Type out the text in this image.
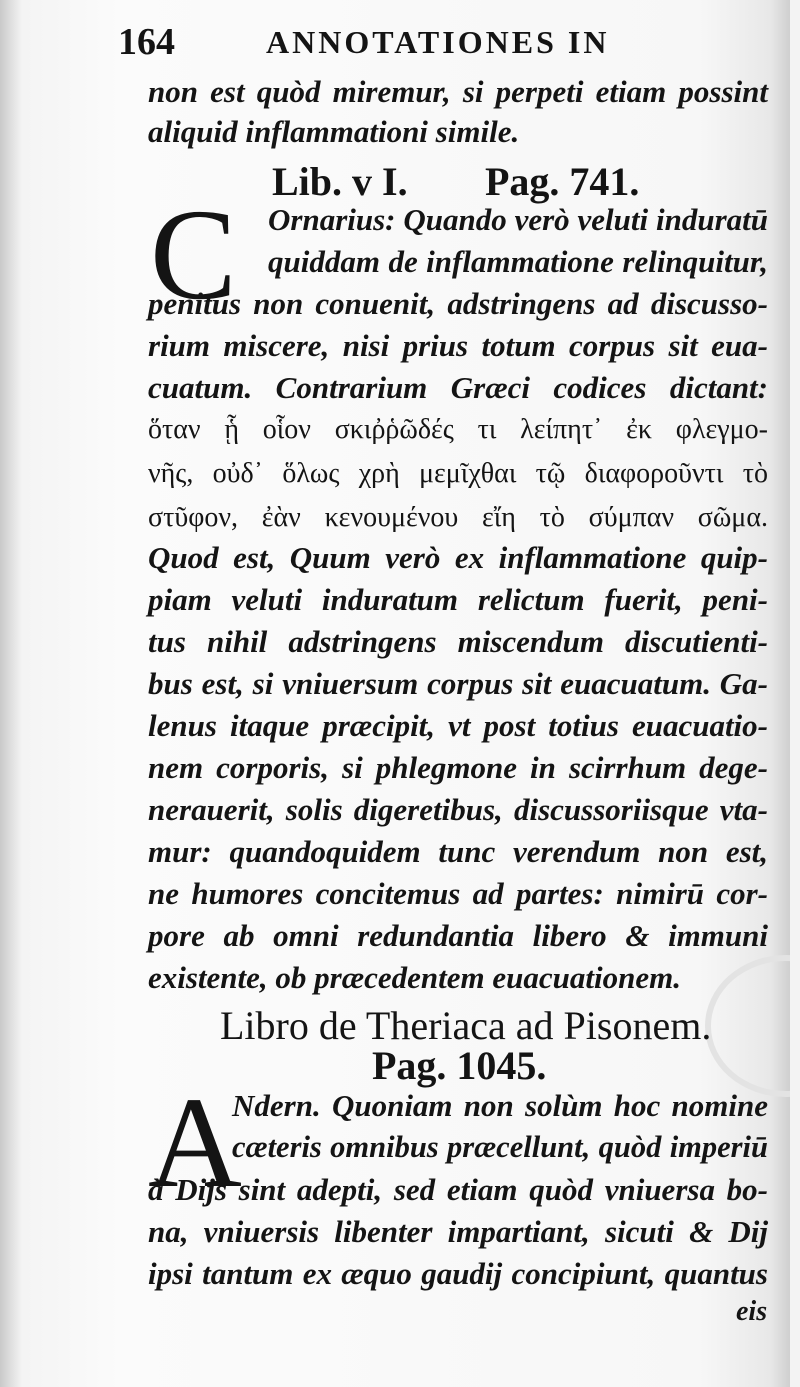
164	ANNOTATIONES IN
non est quòd miremur, si perpeti etiam possint
aliquid inflammationi simile.
Lib. v I. Pag. 741.
C Ornarius: Quando verò veluti induratū
quiddam de inflammatione relinquitur,
penitus non conuenit, adstringens ad discusso-
rium miscere, nisi prius totum corpus sit eua-
cuatum. Contrarium Græci codices dictant:
ὅταν ᾗ οἷον σκιῤῥῶδές τι λείπητ᾽ ἐκ φλεγμο-
νῆς, οὐδ᾽ ὅλως χρὴ μεμῖχθαι τῷ διαφοροῦντι τὸ
στῦφον, ἐὰν κενουμένου εἴη τὸ σύμπαν σῶμα.
Quod est, Quum verò ex inflammatione quip-
piam veluti induratum relictum fuerit, peni-
tus nihil adstringens miscendum discutienti-
bus est, si vniuersum corpus sit euacuatum. Ga-
lenus itaque præcipit, vt post totius euacuatio-
nem corporis, si phlegmone in scirrhum dege-
nerauerit, solis digeretibus, discussoriisque vta-
mur: quandoquidem tunc verendum non est,
ne humores concitemus ad partes: nimirū cor-
pore ab omni redundantia libero & immuni
existente, ob præcedentem euacuationem.
Libro de Theriaca ad Pisonem.
Pag. 1045.
A
Ndern. Quoniam non solùm hoc nomine
cæteris omnibus præcellunt, quòd imperiū
à Dijs sint adepti, sed etiam quòd vniuersa bo-
na, vniuersis libenter impartiant, sicuti & Dij
ipsi tantum ex æquo gaudij concipiunt, quantus
eis
